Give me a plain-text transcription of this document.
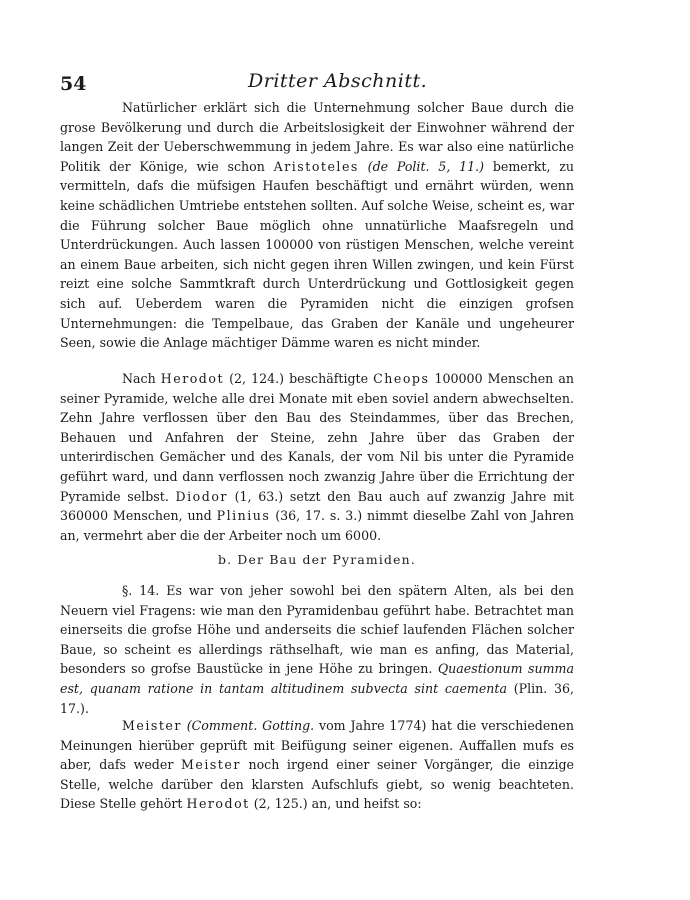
54	Dritter Abschnitt.

Natürlicher erklärt sich die Unternehmung solcher Baue durch die grose Bevölkerung und durch die Arbeitslosigkeit der Einwohner während der langen Zeit der Ueberschwemmung in jedem Jahre. Es war also eine natürliche Politik der Könige, wie schon Aristoteles (de Polit. 5, 11.) bemerkt, zu vermitteln, dafs die müfsigen Haufen beschäftigt und ernährt würden, wenn keine schädlichen Umtriebe entstehen sollten. Auf solche Weise, scheint es, war die Führung solcher Baue möglich ohne unnatürliche Maafsregeln und Unterdrückungen. Auch lassen 100000 von rüstigen Menschen, welche vereint an einem Baue arbeiten, sich nicht gegen ihren Willen zwingen, und kein Fürst reizt eine solche Sammtkraft durch Unterdrückung und Gottlosigkeit gegen sich auf. Ueberdem waren die Pyramiden nicht die einzigen grofsen Unternehmungen: die Tempelbaue, das Graben der Kanäle und ungeheurer Seen, sowie die Anlage mächtiger Dämme waren es nicht minder.

Nach Herodot (2, 124.) beschäftigte Cheops 100000 Menschen an seiner Pyramide, welche alle drei Monate mit eben soviel andern abwechselten. Zehn Jahre verflossen über den Bau des Steindammes, über das Brechen, Behauen und Anfahren der Steine, zehn Jahre über das Graben der unterirdischen Gemächer und des Kanals, der vom Nil bis unter die Pyramide geführt ward, und dann verflossen noch zwanzig Jahre über die Errichtung der Pyramide selbst. Diodor (1, 63.) setzt den Bau auch auf zwanzig Jahre mit 360000 Menschen, und Plinius (36, 17. s. 3.) nimmt dieselbe Zahl von Jahren an, vermehrt aber die der Arbeiter noch um 6000.

b. Der Bau der Pyramiden.

§. 14. Es war von jeher sowohl bei den spätern Alten, als bei den Neuern viel Fragens: wie man den Pyramidenbau geführt habe. Betrachtet man einerseits die grofse Höhe und anderseits die schief laufenden Flächen solcher Baue, so scheint es allerdings räthselhaft, wie man es anfing, das Material, besonders so grofse Baustücke in jene Höhe zu bringen. Quaestionum summa est, quanam ratione in tantam altitudinem subvecta sint caementa (Plin. 36, 17.).

Meister (Comment. Gotting. vom Jahre 1774) hat die verschiedenen Meinungen hierüber geprüft mit Beifügung seiner eigenen. Auffallen mufs es aber, dafs weder Meister noch irgend einer seiner Vorgänger, die einzige Stelle, welche darüber den klarsten Aufschlufs giebt, so wenig beachteten. Diese Stelle gehört Herodot (2, 125.) an, und heifst so:
